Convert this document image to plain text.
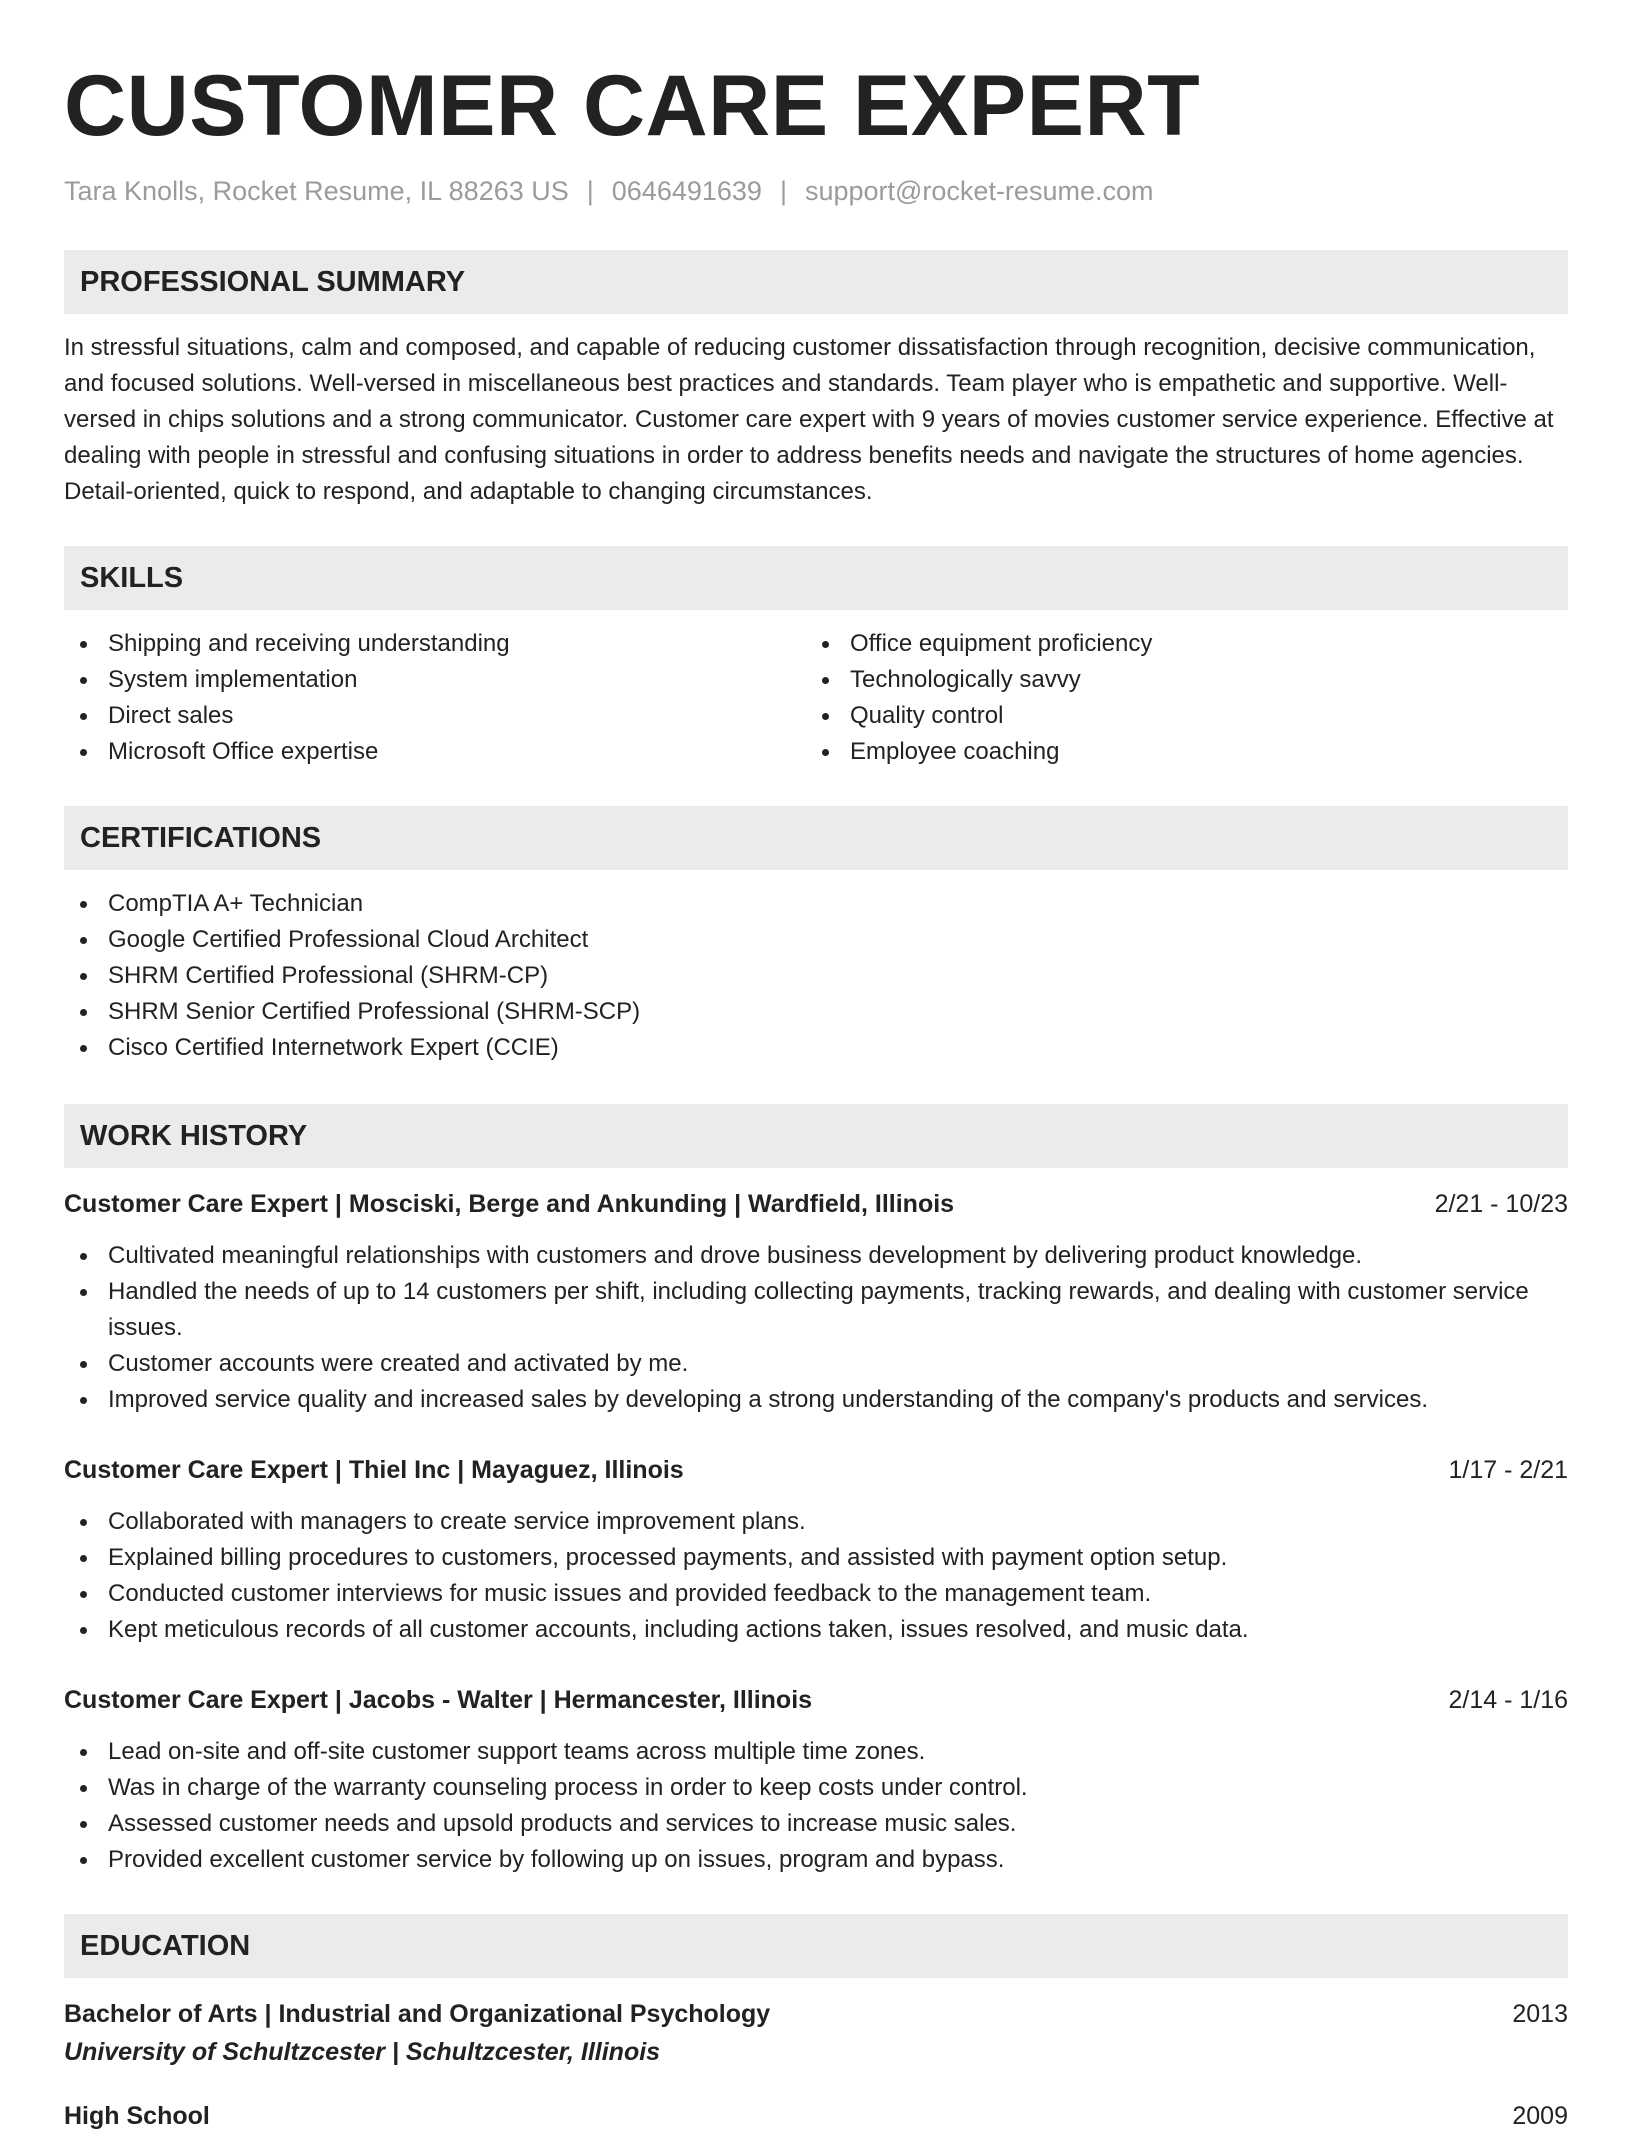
CUSTOMER CARE EXPERT
Tara Knolls, Rocket Resume, IL 88263 US | 0646491639 | support@rocket-resume.com
PROFESSIONAL SUMMARY

In stressful situations, calm and composed, and capable of reducing customer dissatisfaction through recognition, decisive communication, and focused solutions. Well-versed in miscellaneous best practices and standards. Team player who is empathetic and supportive. Well-versed in chips solutions and a strong communicator. Customer care expert with 9 years of movies customer service experience. Effective at dealing with people in stressful and confusing situations in order to address benefits needs and navigate the structures of home agencies. Detail-oriented, quick to respond, and adaptable to changing circumstances.

SKILLS
Shipping and receiving understanding
System implementation
Direct sales
Microsoft Office expertise
Office equipment proficiency
Technologically savvy
Quality control
Employee coaching
CERTIFICATIONS
CompTIA A+ Technician
Google Certified Professional Cloud Architect
SHRM Certified Professional (SHRM-CP)
SHRM Senior Certified Professional (SHRM-SCP)
Cisco Certified Internetwork Expert (CCIE)
WORK HISTORY
Customer Care Expert | Mosciski, Berge and Ankunding | Wardfield, Illinois	2/21 - 10/23
Cultivated meaningful relationships with customers and drove business development by delivering product knowledge.
Handled the needs of up to 14 customers per shift, including collecting payments, tracking rewards, and dealing with customer service issues.
Customer accounts were created and activated by me.
Improved service quality and increased sales by developing a strong understanding of the company's products and services.
Customer Care Expert | Thiel Inc | Mayaguez, Illinois	1/17 - 2/21
Collaborated with managers to create service improvement plans.
Explained billing procedures to customers, processed payments, and assisted with payment option setup.
Conducted customer interviews for music issues and provided feedback to the management team.
Kept meticulous records of all customer accounts, including actions taken, issues resolved, and music data.
Customer Care Expert | Jacobs - Walter | Hermancester, Illinois	2/14 - 1/16
Lead on-site and off-site customer support teams across multiple time zones.
Was in charge of the warranty counseling process in order to keep costs under control.
Assessed customer needs and upsold products and services to increase music sales.
Provided excellent customer service by following up on issues, program and bypass.
EDUCATION
Bachelor of Arts | Industrial and Organizational Psychology	2013
University of Schultzcester | Schultzcester, Illinois
High School	2009
